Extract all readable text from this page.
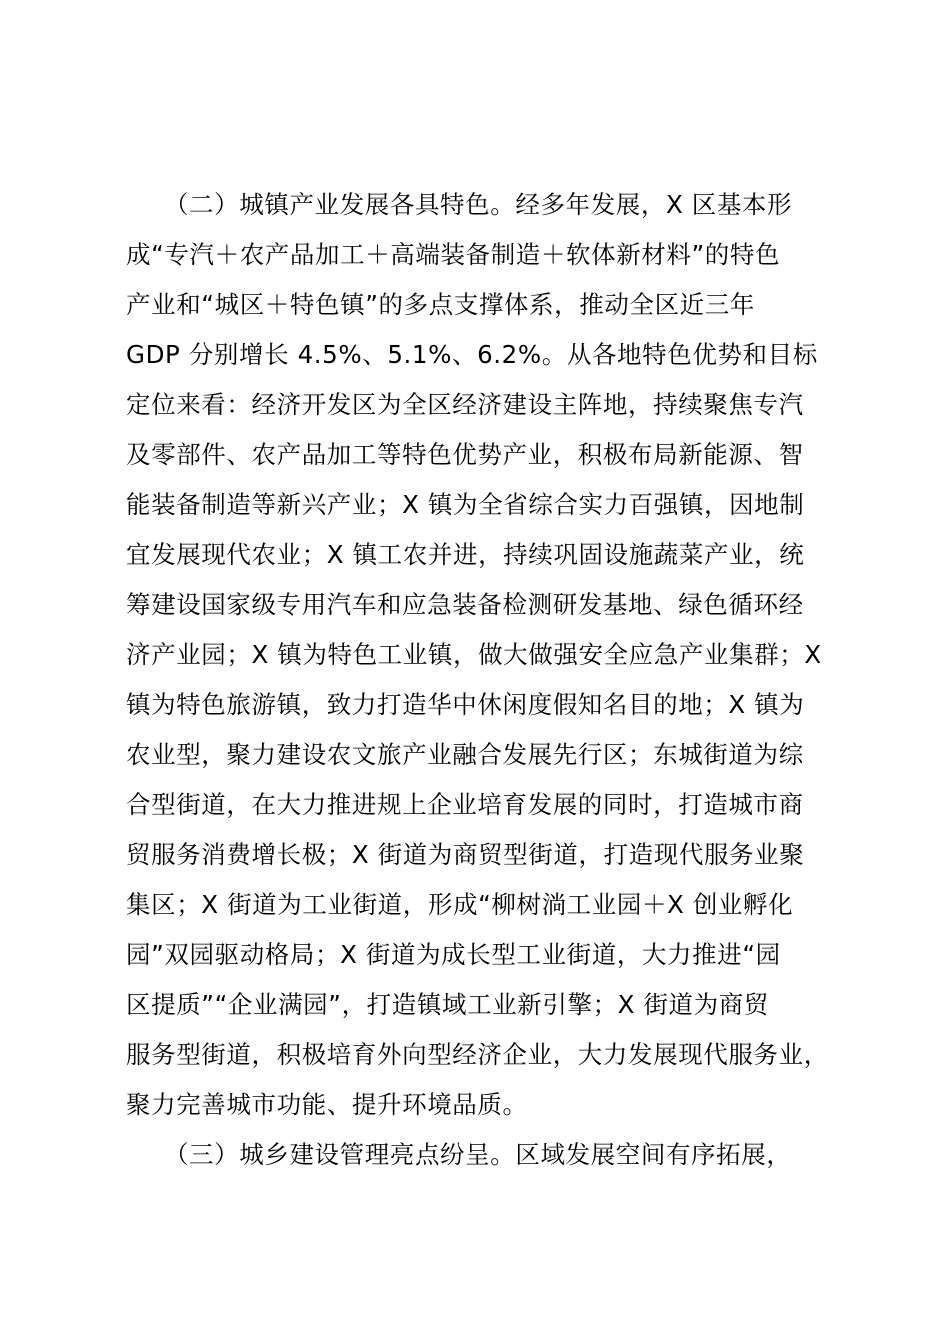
　　（二）城镇产业发展各具特色。经多年发展，X 区基本形
成“专汽＋农产品加工＋高端装备制造＋软体新材料”的特色
产业和“城区＋特色镇”的多点支撑体系，推动全区近三年
GDP 分别增长 4.5%、5.1%、6.2%。从各地特色优势和目标
定位来看：经济开发区为全区经济建设主阵地，持续聚焦专汽
及零部件、农产品加工等特色优势产业，积极布局新能源、智
能装备制造等新兴产业；X 镇为全省综合实力百强镇，因地制
宜发展现代农业；X 镇工农并进，持续巩固设施蔬菜产业，统
筹建设国家级专用汽车和应急装备检测研发基地、绿色循环经
济产业园；X 镇为特色工业镇，做大做强安全应急产业集群；X
镇为特色旅游镇，致力打造华中休闲度假知名目的地；X 镇为
农业型，聚力建设农文旅产业融合发展先行区；东城街道为综
合型街道，在大力推进规上企业培育发展的同时，打造城市商
贸服务消费增长极；X 街道为商贸型街道，打造现代服务业聚
集区；X 街道为工业街道，形成“柳树淌工业园＋X 创业孵化
园”双园驱动格局；X 街道为成长型工业街道，大力推进“园
区提质”“企业满园”，打造镇域工业新引擎；X 街道为商贸
服务型街道，积极培育外向型经济企业，大力发展现代服务业，
聚力完善城市功能、提升环境品质。
　　（三）城乡建设管理亮点纷呈。区域发展空间有序拓展，
